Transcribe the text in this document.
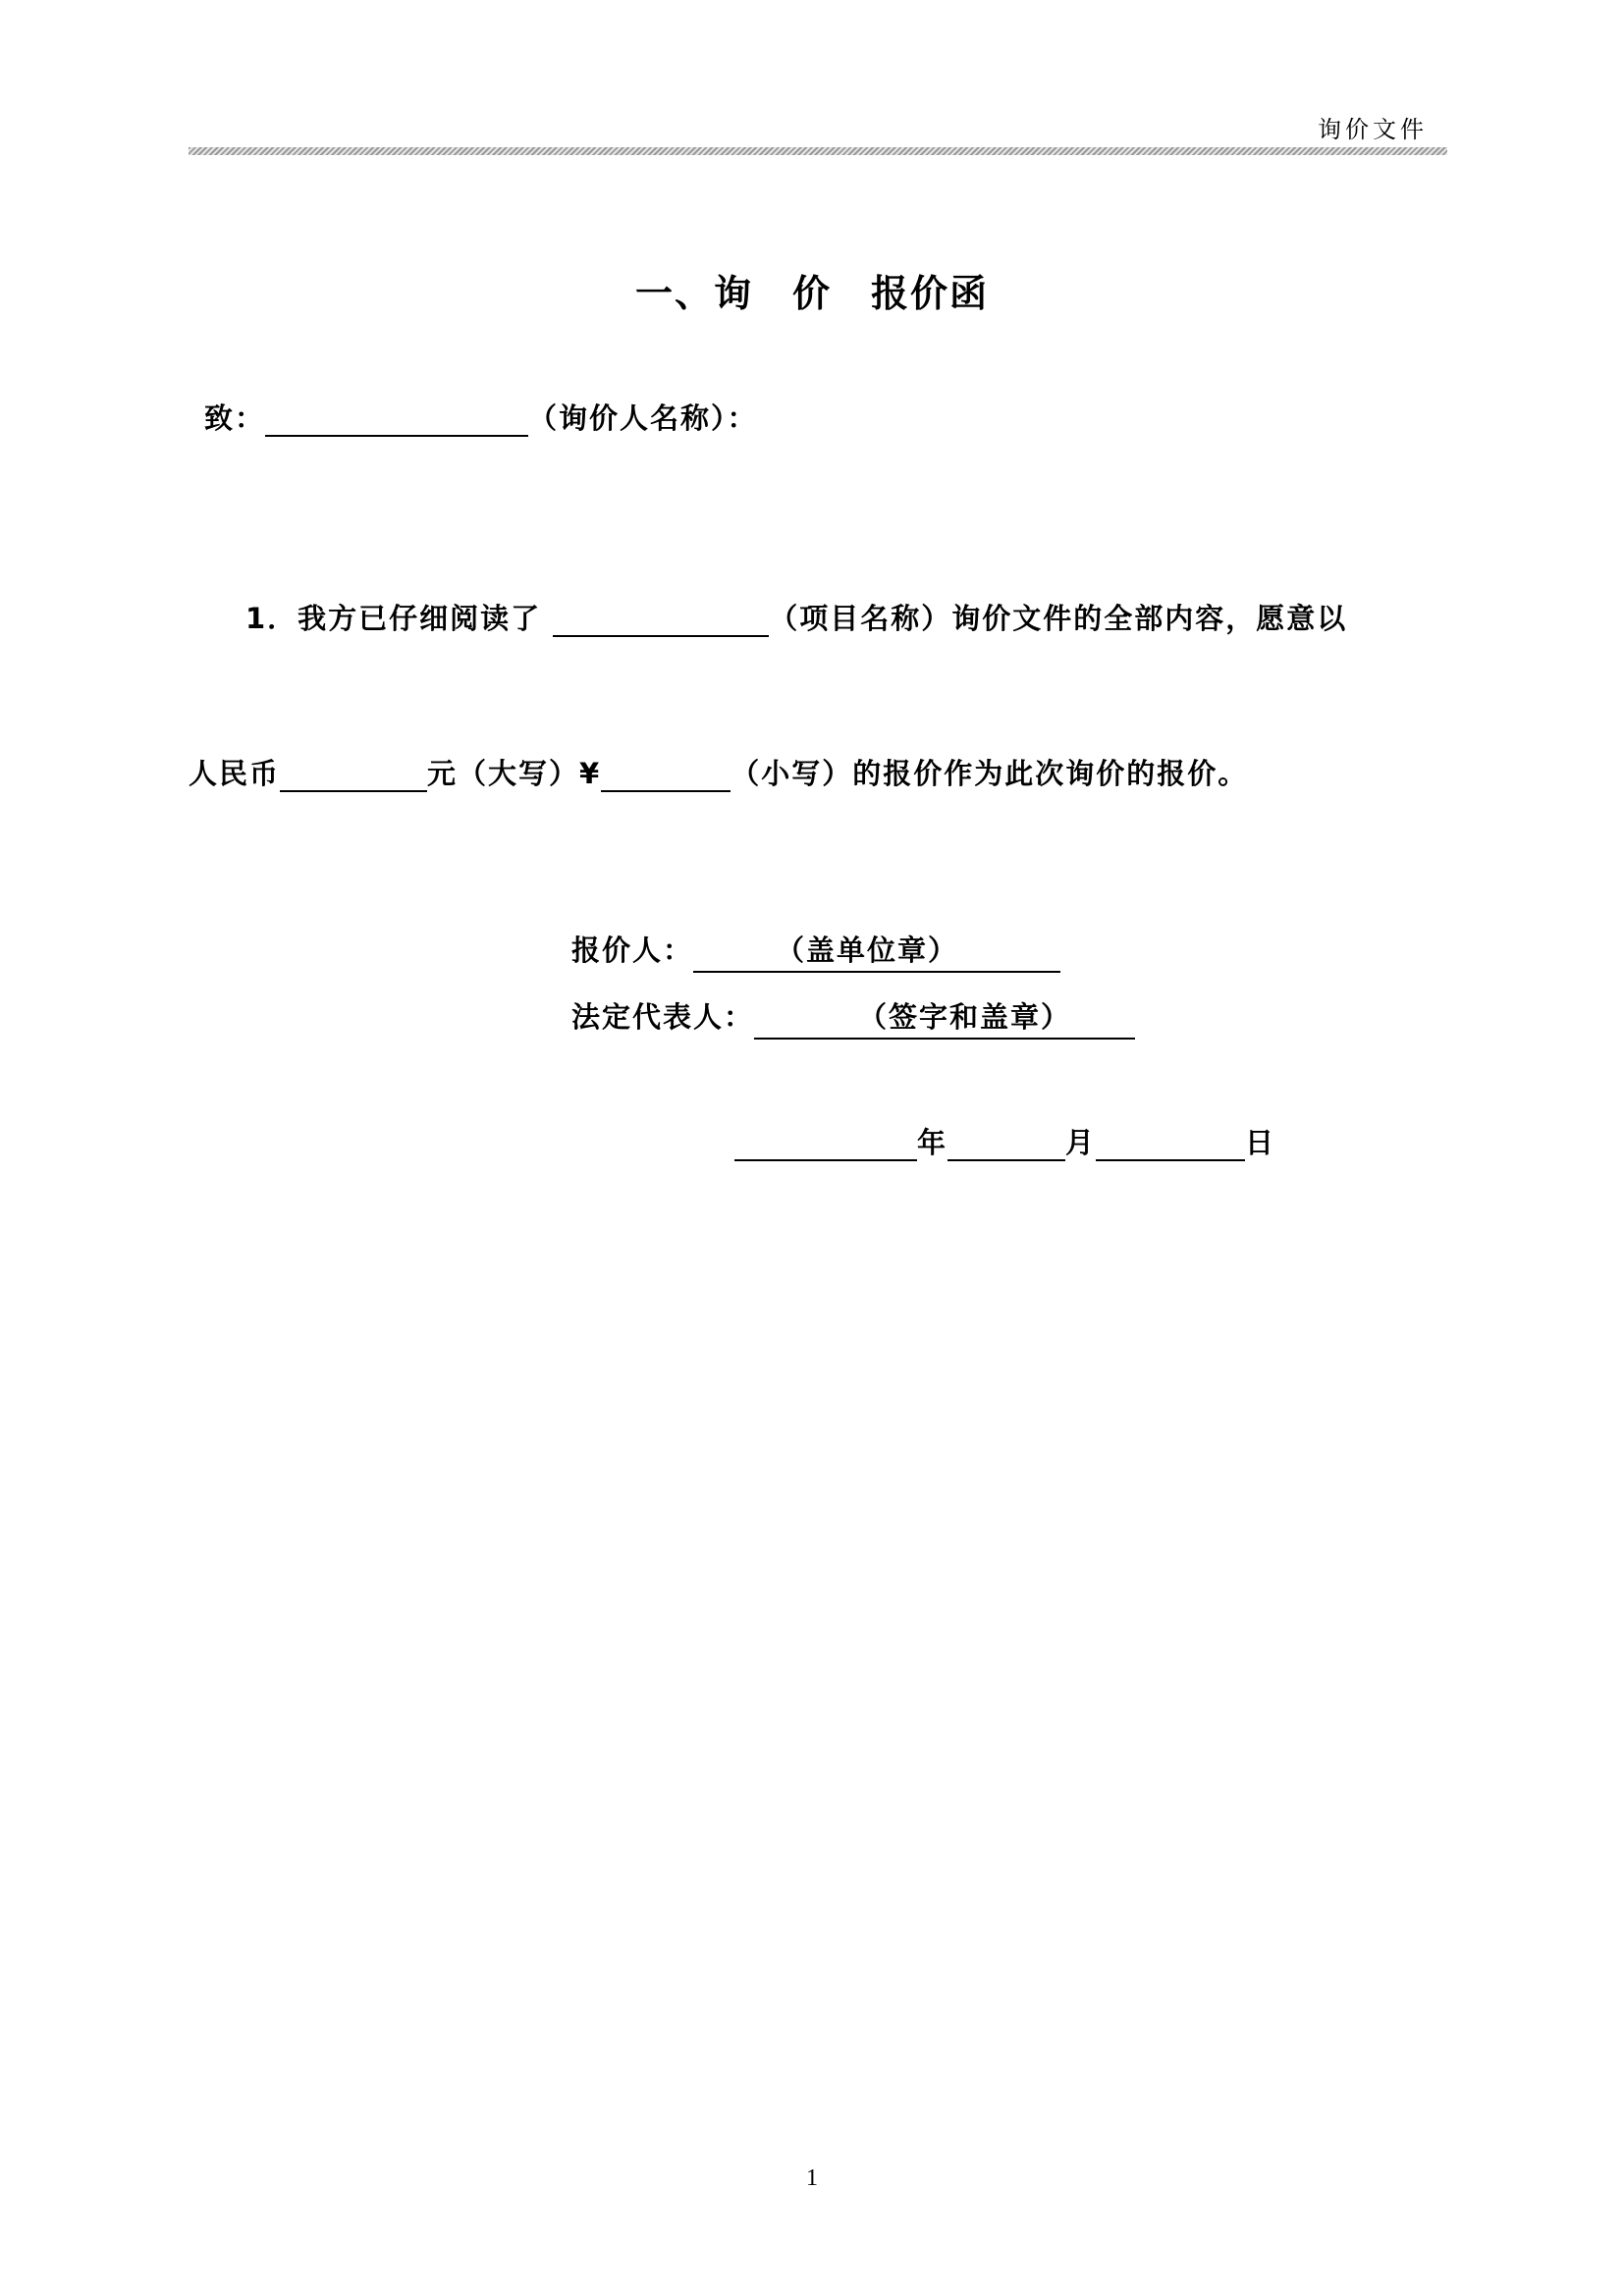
询价文件
一、询 价 报价函
致：	（询价人名称）：
1．我方已仔细阅读了	（项目名称）询价文件的全部内容，愿意以
人民币	元（大写）¥	（小写）的报价作为此次询价的报价。
报价人：	（盖单位章）
法定代表人：	（签字和盖章）
年	月	日
1
